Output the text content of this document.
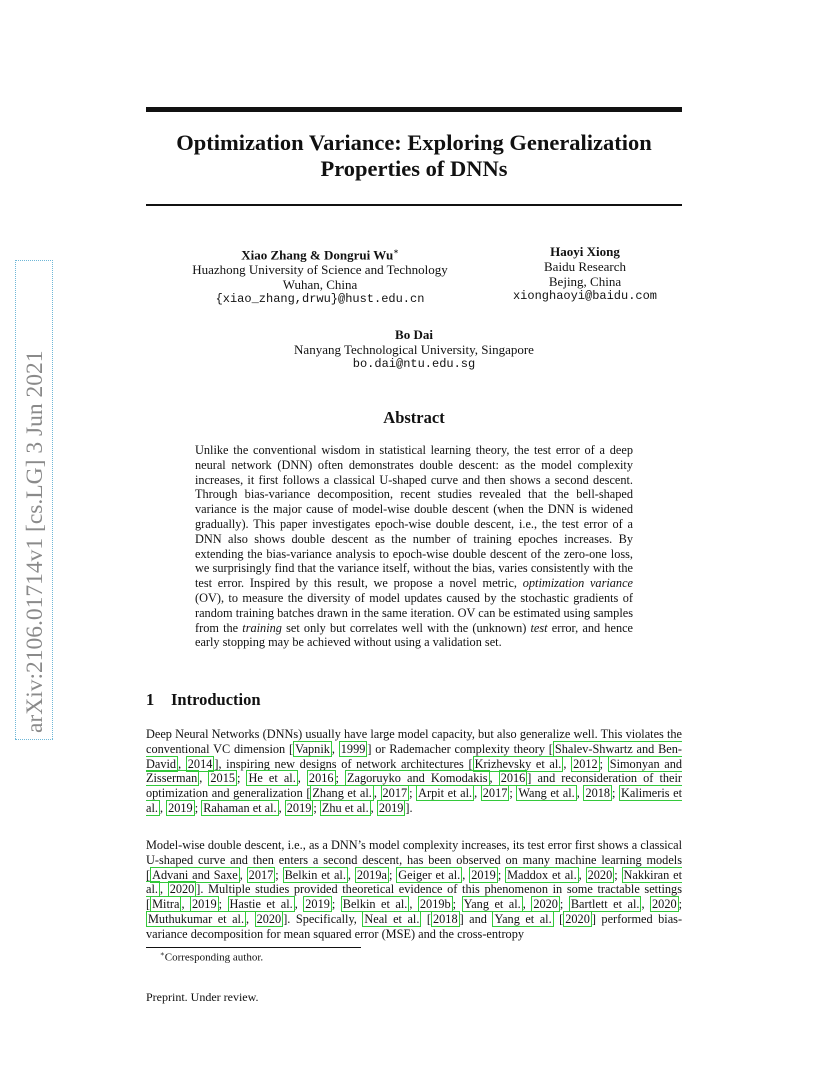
arXiv:2106.01714v1 [cs.LG] 3 Jun 2021
Optimization Variance: Exploring Generalization Properties of DNNs
Xiao Zhang & Dongrui Wu∗
Huazhong University of Science and Technology
Wuhan, China
{xiao_zhang,drwu}@hust.edu.cn
Haoyi Xiong
Baidu Research
Bejing, China
xionghaoyi@baidu.com
Bo Dai
Nanyang Technological University, Singapore
bo.dai@ntu.edu.sg
Abstract
Unlike the conventional wisdom in statistical learning theory, the test error of a deep neural network (DNN) often demonstrates double descent: as the model complexity increases, it first follows a classical U-shaped curve and then shows a second descent. Through bias-variance decomposition, recent studies revealed that the bell-shaped variance is the major cause of model-wise double descent (when the DNN is widened gradually). This paper investigates epoch-wise double descent, i.e., the test error of a DNN also shows double descent as the number of training epoches increases. By extending the bias-variance analysis to epoch-wise double descent of the zero-one loss, we surprisingly find that the variance itself, without the bias, varies consistently with the test error. Inspired by this result, we propose a novel metric, optimization variance (OV), to measure the diversity of model updates caused by the stochastic gradients of random training batches drawn in the same iteration. OV can be estimated using samples from the training set only but correlates well with the (unknown) test error, and hence early stopping may be achieved without using a validation set.
1 Introduction
Deep Neural Networks (DNNs) usually have large model capacity, but also generalize well. This violates the conventional VC dimension [ Vapnik , 1999 ] or Rademacher complexity theory [ Shalev-Shwartz and Ben-David , 2014 ], inspiring new designs of network architectures [ Krizhevsky et al. , 2012 ; Simonyan and Zisserman , 2015 ; He et al. , 2016 ; Zagoruyko and Komodakis , 2016 ] and reconsideration of their optimization and generalization [ Zhang et al. , 2017 ; Arpit et al. , 2017 ; Wang et al. , 2018 ; Kalimeris et al. , 2019 ; Rahaman et al. , 2019 ; Zhu et al. , 2019 ].
Model-wise double descent, i.e., as a DNN’s model complexity increases, its test error first shows a classical U-shaped curve and then enters a second descent, has been observed on many machine learning models [ Advani and Saxe , 2017 ; Belkin et al. , 2019a ; Geiger et al. , 2019 ; Maddox et al. , 2020 ; Nakkiran et al. , 2020 ]. Multiple studies provided theoretical evidence of this phenomenon in some tractable settings [ Mitra , 2019 ; Hastie et al. , 2019 ; Belkin et al. , 2019b ; Yang et al. , 2020 ; Bartlett et al. , 2020 ; Muthukumar et al. , 2020 ]. Specifically, Neal et al. [ 2018 ] and Yang et al. [ 2020 ] performed bias-variance decomposition for mean squared error (MSE) and the cross-entropy
∗Corresponding author.
Preprint. Under review.
